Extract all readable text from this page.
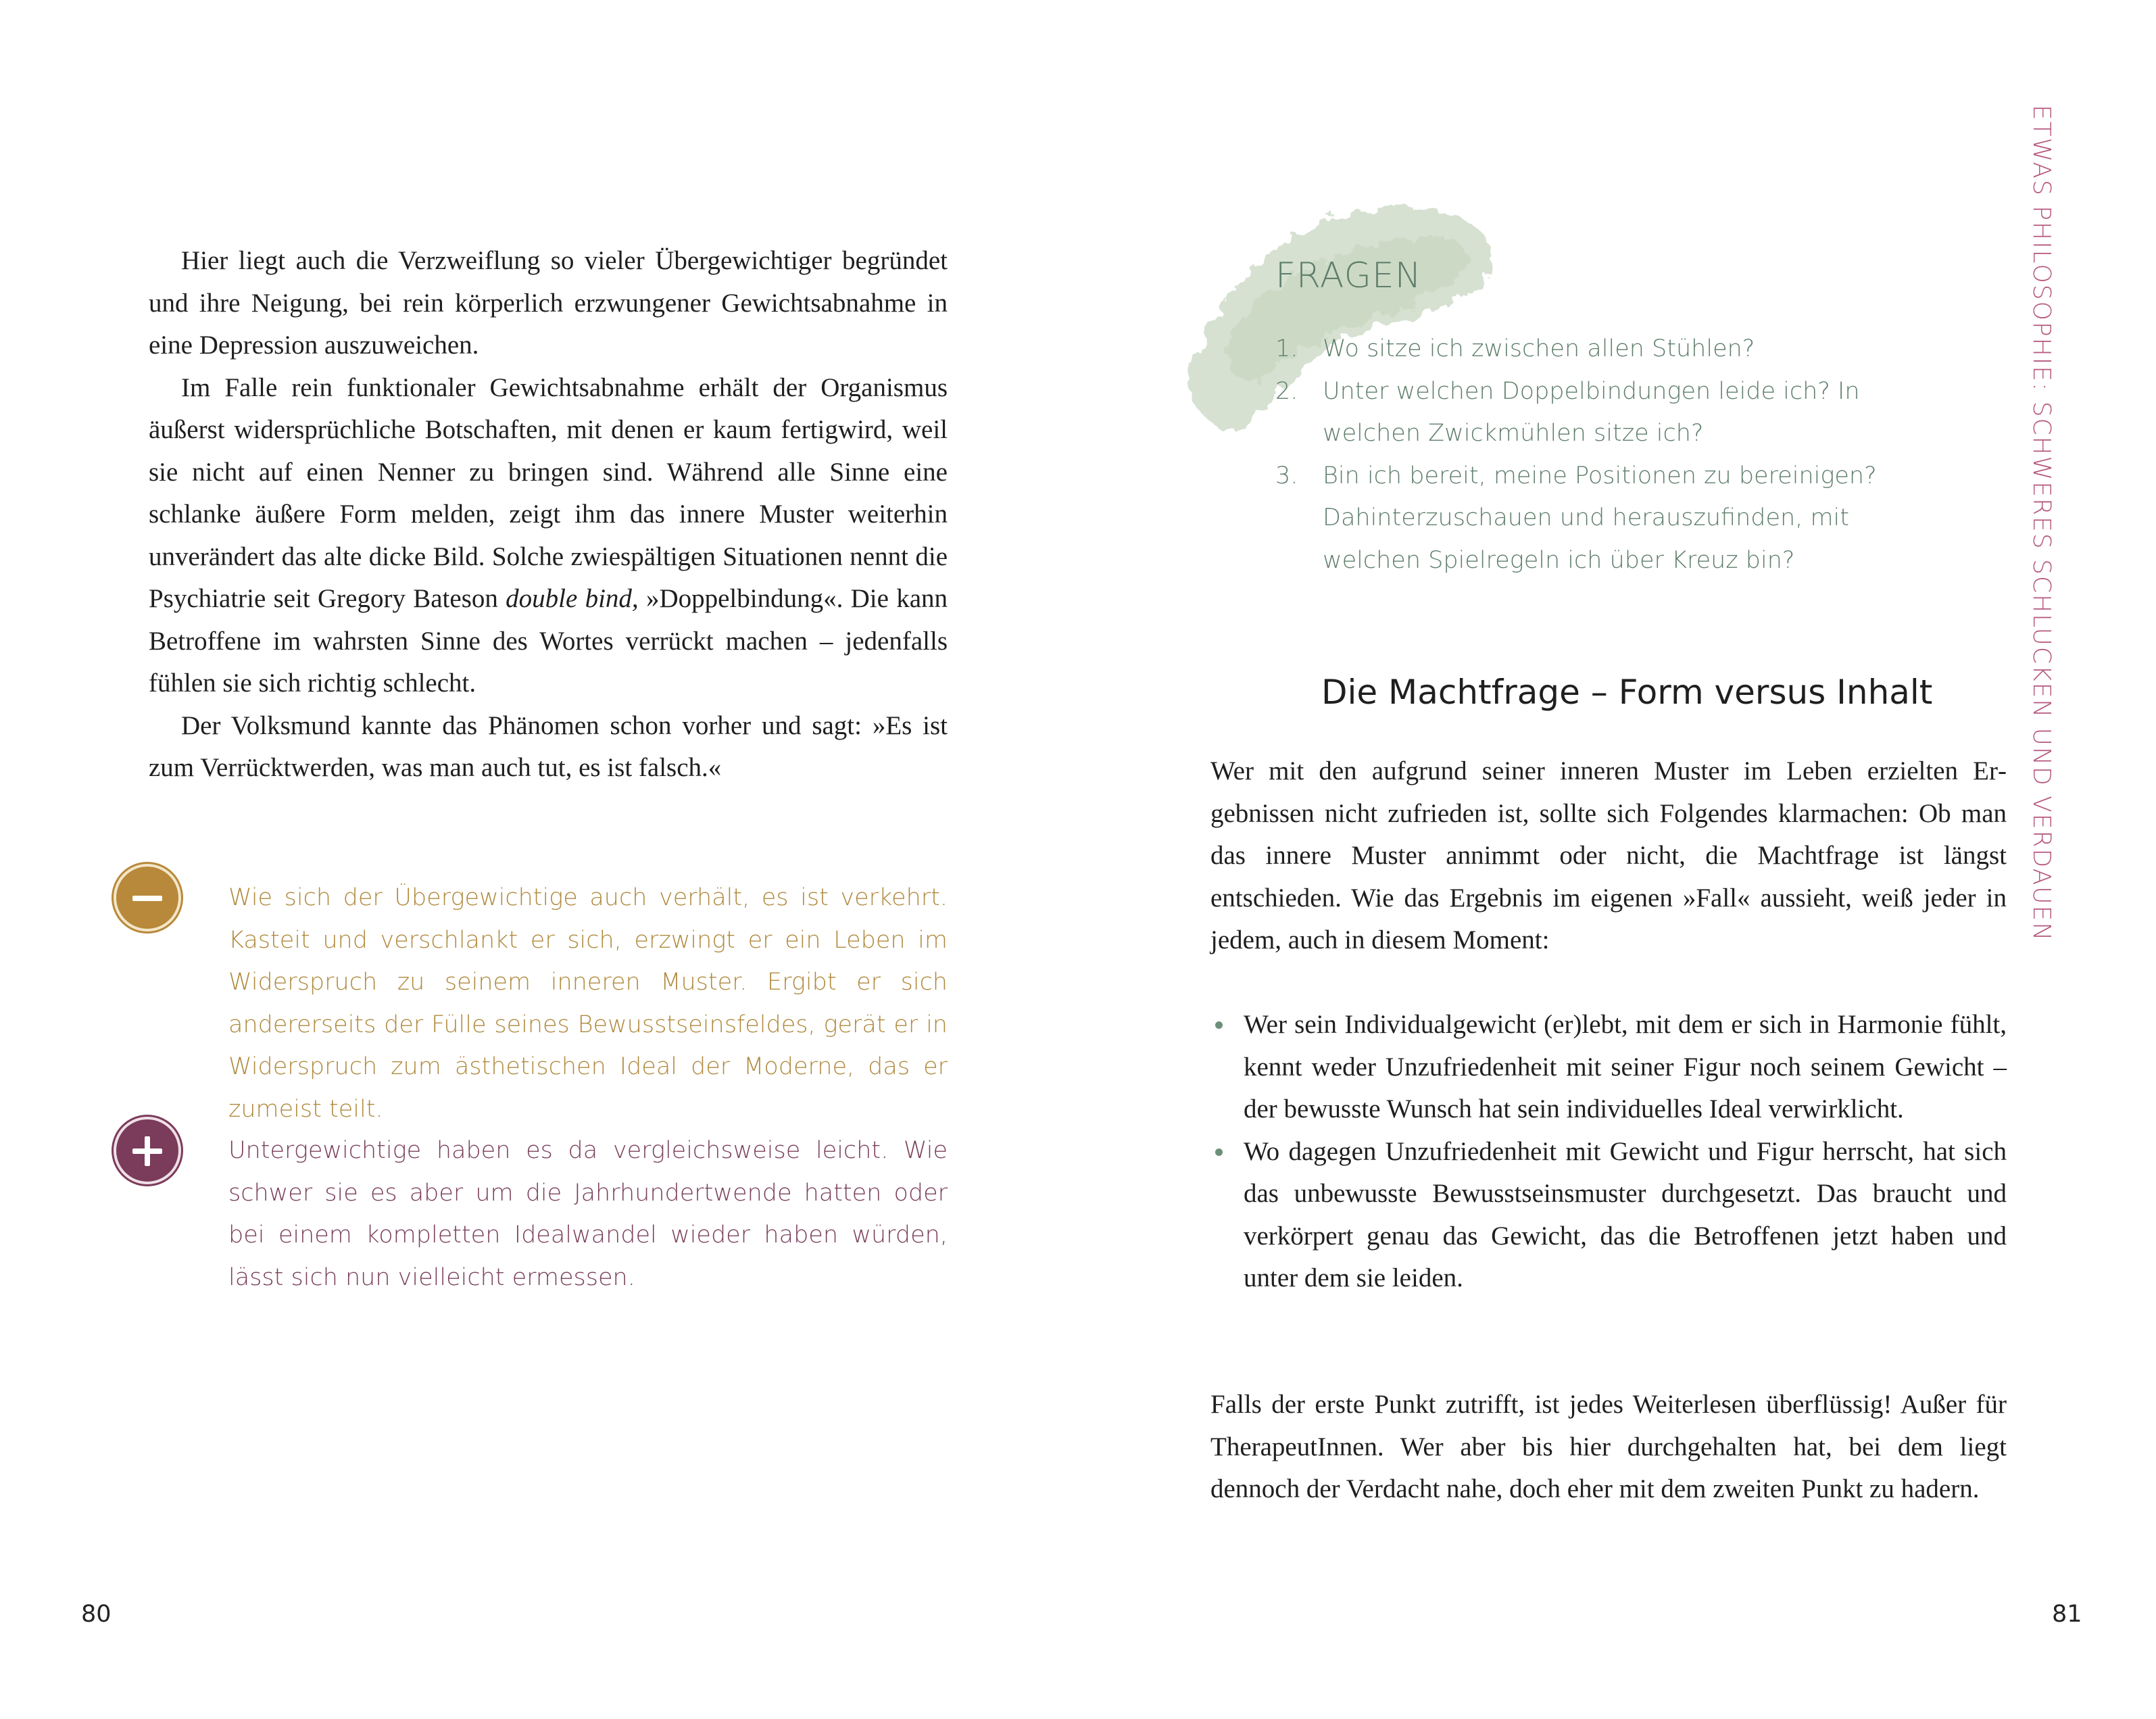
Hier liegt auch die Verzweiflung so vieler Übergewichtiger begründet und ihre Neigung, bei rein körperlich erzwungener Gewichtsabnahme in eine Depression auszuweichen.

Im Falle rein funktionaler Gewichtsabnahme erhält der Organismus äußerst widersprüchliche Botschaften, mit denen er kaum fertigwird, weil sie nicht auf einen Nenner zu bringen sind. Während alle Sinne eine schlanke äußere Form melden, zeigt ihm das innere Muster weiterhin unverändert das alte dicke Bild. Solche zwiespältigen Situationen nennt die Psychiatrie seit Gregory Bateson double bind, »Doppelbindung«. Die kann Betroffene im wahrsten Sinne des Wortes verrückt machen – jedenfalls fühlen sie sich richtig schlecht.

Der Volksmund kannte das Phänomen schon vorher und sagt: »Es ist zum Verrücktwerden, was man auch tut, es ist falsch.«

Wie sich der Übergewichtige auch verhält, es ist verkehrt. Kasteit und verschlankt er sich, erzwingt er ein Leben im Widerspruch zu seinem inneren Muster. Ergibt er sich andererseits der Fülle seines Bewusstseinsfeldes, gerät er in Widerspruch zum ästhetischen Ideal der Moderne, das er zumeist teilt.

Untergewichtige haben es da vergleichsweise leicht. Wie schwer sie es aber um die Jahrhundertwende hatten oder bei einem kompletten Idealwandel wieder haben würden, lässt sich nun vielleicht ermessen.

80
FRAGEN
1. Wo sitze ich zwischen allen Stühlen?
2. Unter welchen Doppelbindungen leide ich? In welchen Zwickmühlen sitze ich?
3. Bin ich bereit, meine Positionen zu bereinigen? Dahinterzuschauen und herauszufinden, mit welchen Spielregeln ich über Kreuz bin?
Die Machtfrage – Form versus Inhalt

Wer mit den aufgrund seiner inneren Muster im Leben erzielten Ergebnissen nicht zufrieden ist, sollte sich Folgendes klarmachen: Ob man das innere Muster annimmt oder nicht, die Machtfrage ist längst entschieden. Wie das Ergebnis im eigenen »Fall« aussieht, weiß jeder in jedem, auch in diesem Moment:

Wer sein Individualgewicht (er)lebt, mit dem er sich in Harmonie fühlt, kennt weder Unzufriedenheit mit seiner Figur noch seinem Gewicht – der bewusste Wunsch hat sein individuelles Ideal verwirklicht.
Wo dagegen Unzufriedenheit mit Gewicht und Figur herrscht, hat sich das unbewusste Bewusstseinsmuster durchgesetzt. Das braucht und verkörpert genau das Gewicht, das die Betroffenen jetzt haben und unter dem sie leiden.

Falls der erste Punkt zutrifft, ist jedes Weiterlesen überflüssig! Außer für TherapeutInnen. Wer aber bis hier durchgehalten hat, bei dem liegt dennoch der Verdacht nahe, doch eher mit dem zweiten Punkt zu hadern.

ETWAS PHILOSOPHIE: SCHWERES SCHLUCKEN UND VERDAUEN
81
